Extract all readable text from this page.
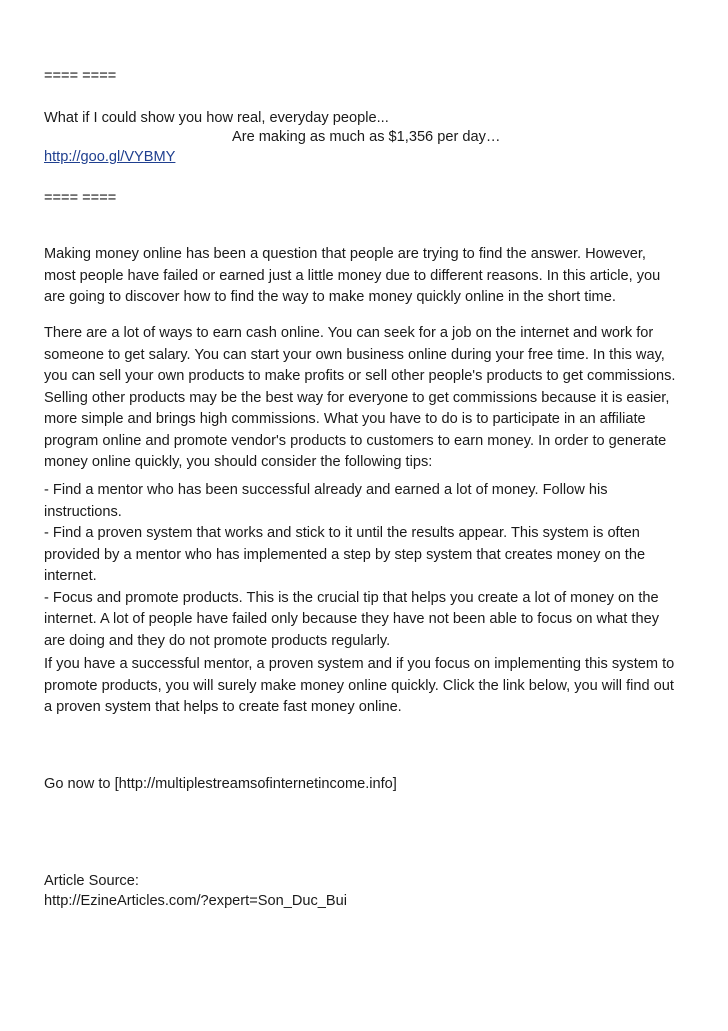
==== ====
What if I could show you how real, everyday people...
Are making as much as $1,356 per day…
http://goo.gl/VYBMY
==== ====
Making money online has been a question that people are trying to find the answer. However,
most people have failed or earned just a little money due to different reasons. In this article, you
are going to discover how to find the way to make money quickly online in the short time.
There are a lot of ways to earn cash online. You can seek for a job on the internet and work for
someone to get salary. You can start your own business online during your free time. In this way,
you can sell your own products to make profits or sell other people's products to get commissions.
Selling other products may be the best way for everyone to get commissions because it is easier,
more simple and brings high commissions. What you have to do is to participate in an affiliate
program online and promote vendor's products to customers to earn money. In order to generate
money online quickly, you should consider the following tips:
- Find a mentor who has been successful already and earned a lot of money. Follow his
instructions.
- Find a proven system that works and stick to it until the results appear. This system is often
provided by a mentor who has implemented a step by step system that creates money on the
internet.
- Focus and promote products. This is the crucial tip that helps you create a lot of money on the
internet. A lot of people have failed only because they have not been able to focus on what they
are doing and they do not promote products regularly.
If you have a successful mentor, a proven system and if you focus on implementing this system to
promote products, you will surely make money online quickly. Click the link below, you will find out
a proven system that helps to create fast money online.
Go now to [http://multiplestreamsofinternetincome.info]
Article Source:
http://EzineArticles.com/?expert=Son_Duc_Bui
